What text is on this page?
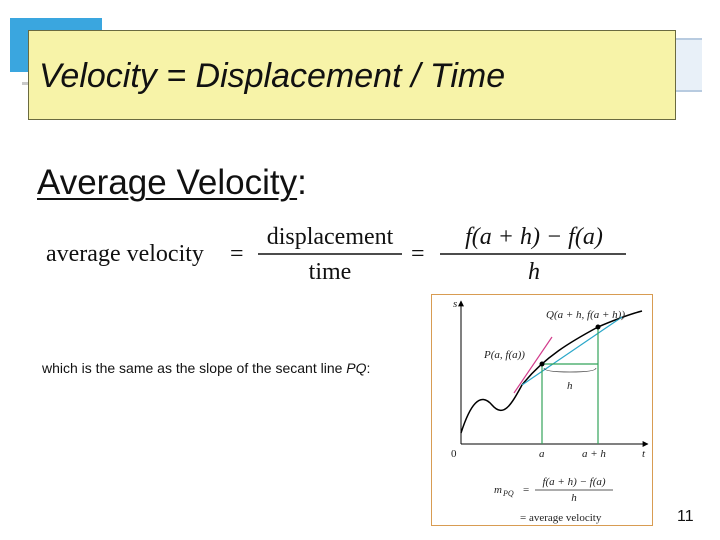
Velocity = Displacement / Time
Average Velocity:
average velocity =
displacement
time
=
f(a + h) − f(a)
h
which is the same as the slope of the secant line PQ:
s
t
0
Q(a + h, f(a + h))
P(a, f(a))
h
a	a + h
m PQ =
f(a + h) − f(a)
h
= average velocity	11
